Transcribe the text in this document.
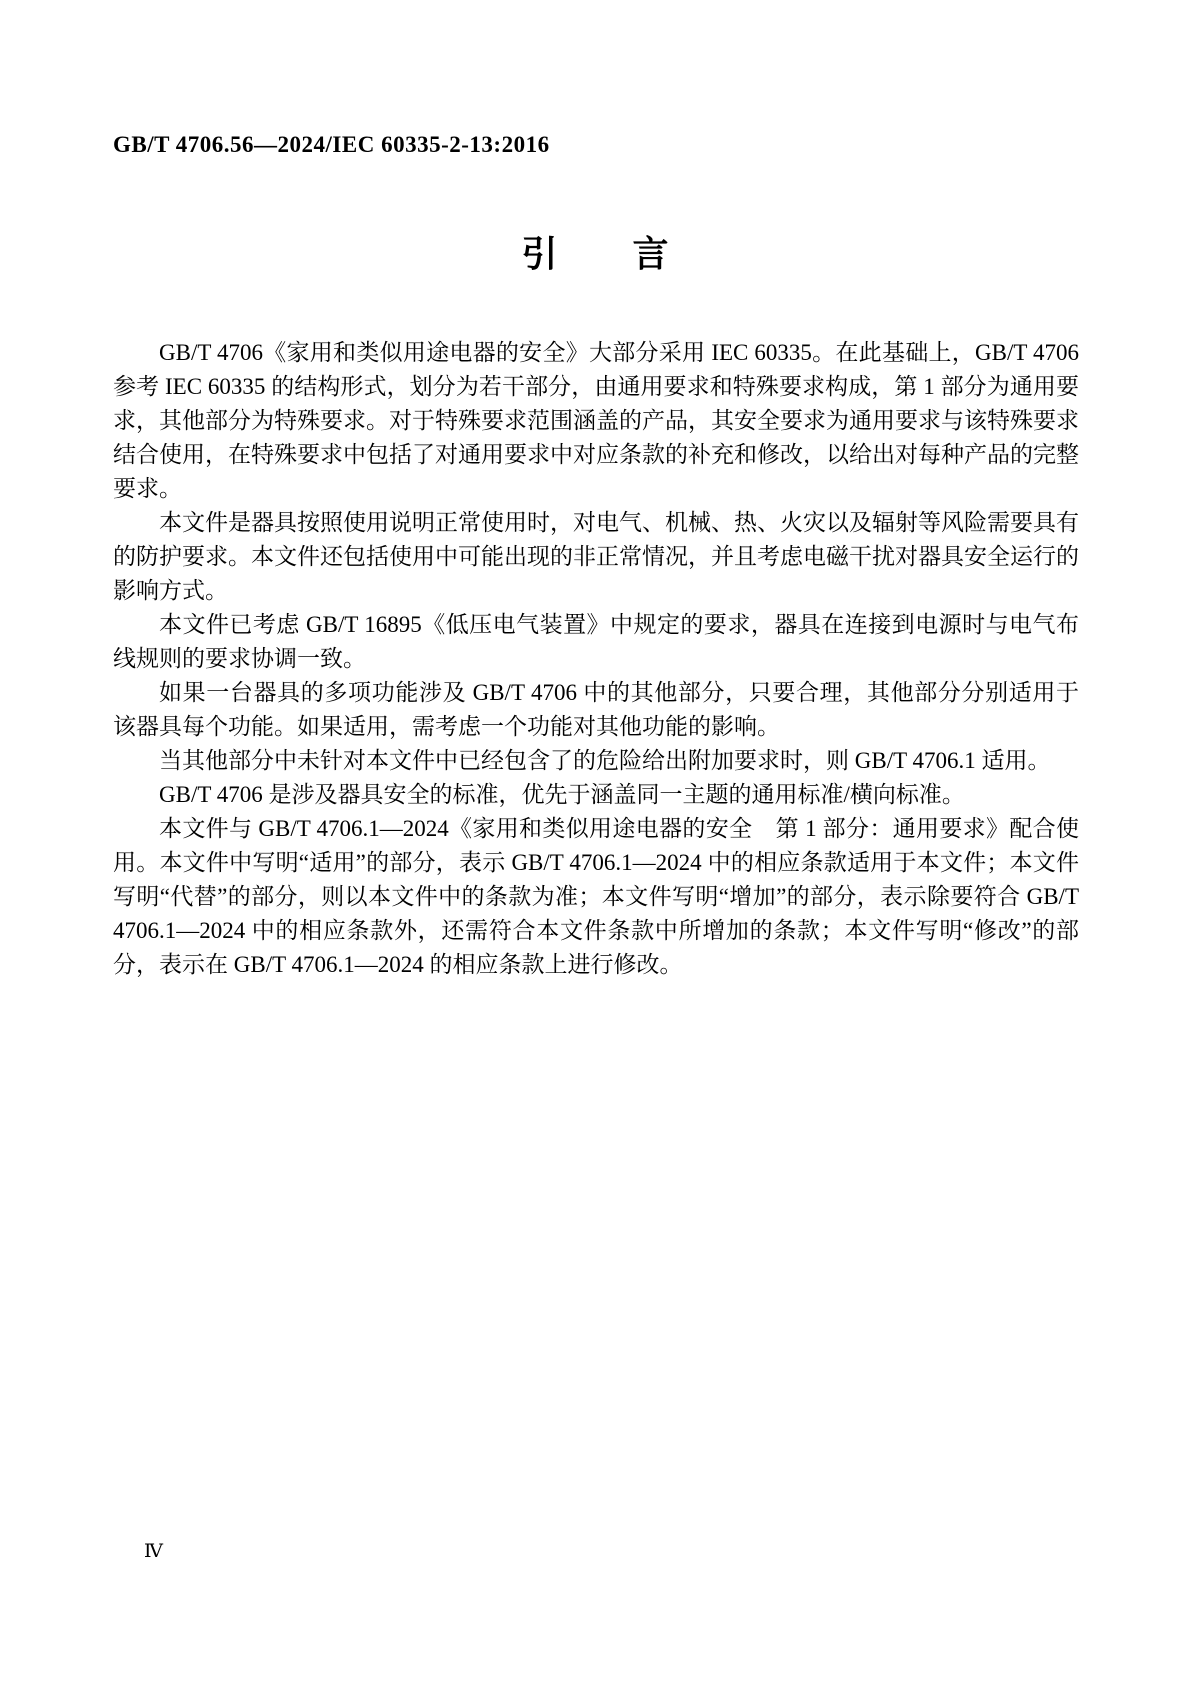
GB/T 4706.56—2024/IEC 60335-2-13:2016
引　　言

GB/T 4706《家用和类似用途电器的安全》大部分采用 IEC 60335。在此基础上，GB/T 4706 参考 IEC 60335 的结构形式，划分为若干部分，由通用要求和特殊要求构成，第 1 部分为通用要求，其他部分为特殊要求。对于特殊要求范围涵盖的产品，其安全要求为通用要求与该特殊要求结合使用，在特殊要求中包括了对通用要求中对应条款的补充和修改，以给出对每种产品的完整要求。

本文件是器具按照使用说明正常使用时，对电气、机械、热、火灾以及辐射等风险需要具有的防护要求。本文件还包括使用中可能出现的非正常情况，并且考虑电磁干扰对器具安全运行的影响方式。

本文件已考虑 GB/T 16895《低压电气装置》中规定的要求，器具在连接到电源时与电气布线规则的要求协调一致。

如果一台器具的多项功能涉及 GB/T 4706 中的其他部分，只要合理，其他部分分别适用于该器具每个功能。如果适用，需考虑一个功能对其他功能的影响。

当其他部分中未针对本文件中已经包含了的危险给出附加要求时，则 GB/T 4706.1 适用。

GB/T 4706 是涉及器具安全的标准，优先于涵盖同一主题的通用标准/横向标准。

本文件与 GB/T 4706.1—2024《家用和类似用途电器的安全　第 1 部分：通用要求》配合使用。本文件中写明“适用”的部分，表示 GB/T 4706.1—2024 中的相应条款适用于本文件；本文件写明“代替”的部分，则以本文件中的条款为准；本文件写明“增加”的部分，表示除要符合 GB/T 4706.1—2024 中的相应条款外，还需符合本文件条款中所增加的条款；本文件写明“修改”的部分，表示在 GB/T 4706.1—2024 的相应条款上进行修改。

Ⅳ
